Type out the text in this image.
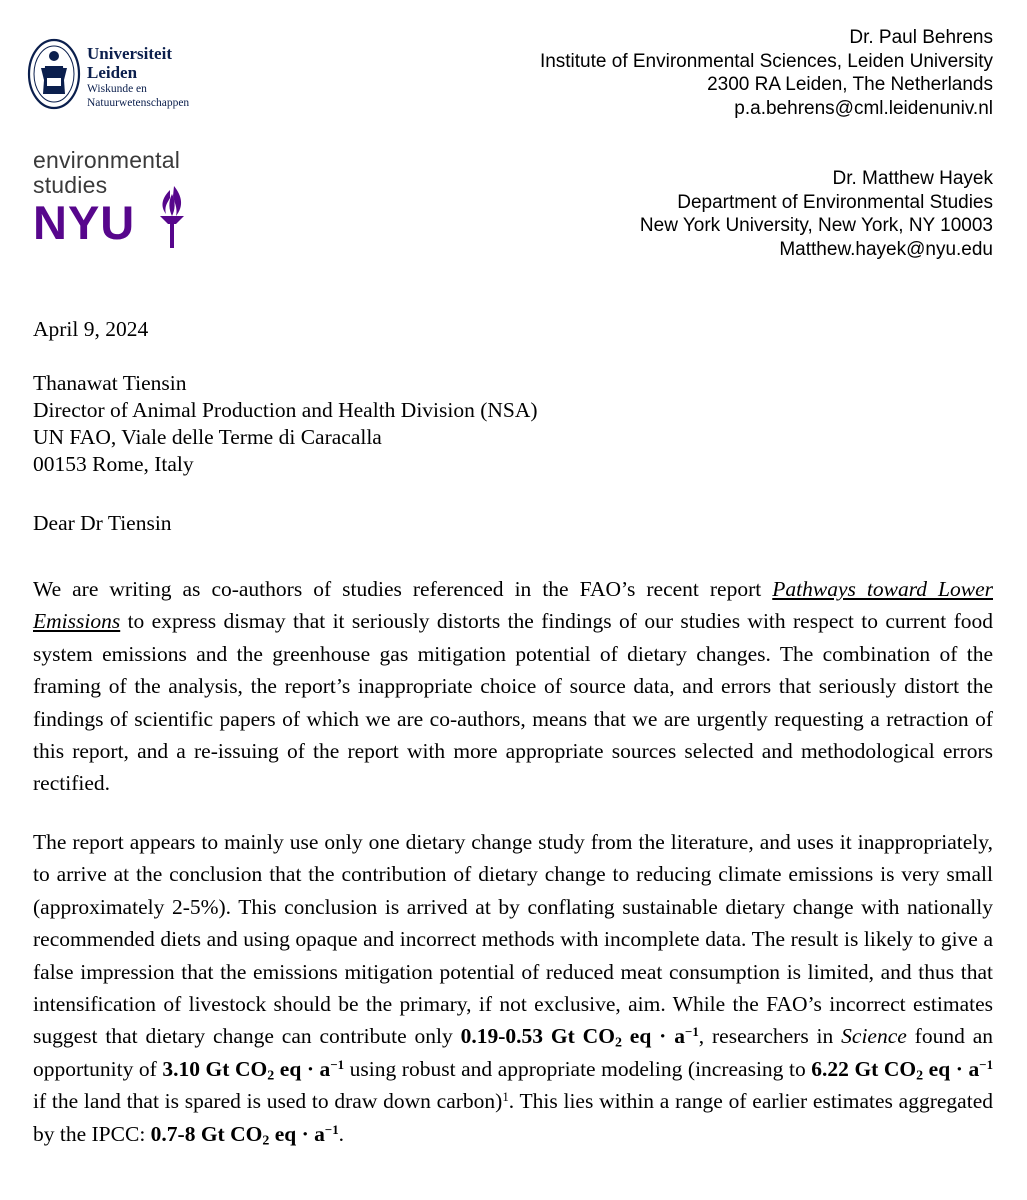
Universiteit
Leiden
Wiskunde en
Natuurwetenschappen
environmental
studies
NYU
Dr. Paul Behrens
Institute of Environmental Sciences, Leiden University
2300 RA Leiden, The Netherlands
p.a.behrens@cml.leidenuniv.nl
Dr. Matthew Hayek
Department of Environmental Studies
New York University, New York, NY 10003
Matthew.hayek@nyu.edu
April 9, 2024
Thanawat Tiensin
Director of Animal Production and Health Division (NSA)
UN FAO, Viale delle Terme di Caracalla
00153 Rome, Italy
Dear Dr Tiensin

We are writing as co-authors of studies referenced in the FAO’s recent report Pathways toward Lower Emissions to express dismay that it seriously distorts the findings of our studies with respect to current food system emissions and the greenhouse gas mitigation potential of dietary changes. The combination of the framing of the analysis, the report’s inappropriate choice of source data, and errors that seriously distort the findings of scientific papers of which we are co-authors, means that we are urgently requesting a retraction of this report, and a re-issuing of the report with more appropriate sources selected and methodological errors rectified.

The report appears to mainly use only one dietary change study from the literature, and uses it inappropriately, to arrive at the conclusion that the contribution of dietary change to reducing climate emissions is very small (approximately 2-5%). This conclusion is arrived at by conflating sustainable dietary change with nationally recommended diets and using opaque and incorrect methods with incomplete data. The result is likely to give a false impression that the emissions mitigation potential of reduced meat consumption is limited, and thus that intensification of livestock should be the primary, if not exclusive, aim. While the FAO’s incorrect estimates suggest that dietary change can contribute only 0.19-0.53 Gt $CO_2$ eq · $a^{-1}$, researchers in Science found an opportunity of 3.10 Gt $CO_2$ eq · $a^{-1}$ using robust and appropriate modeling (increasing to 6.22 Gt $CO_2$ eq · $a^{-1}$ if the land that is spared is used to draw down carbon)$^1$. This lies within a range of earlier estimates aggregated by the IPCC: 0.7-8 Gt $CO_2$ eq · $a^{-1}$.
